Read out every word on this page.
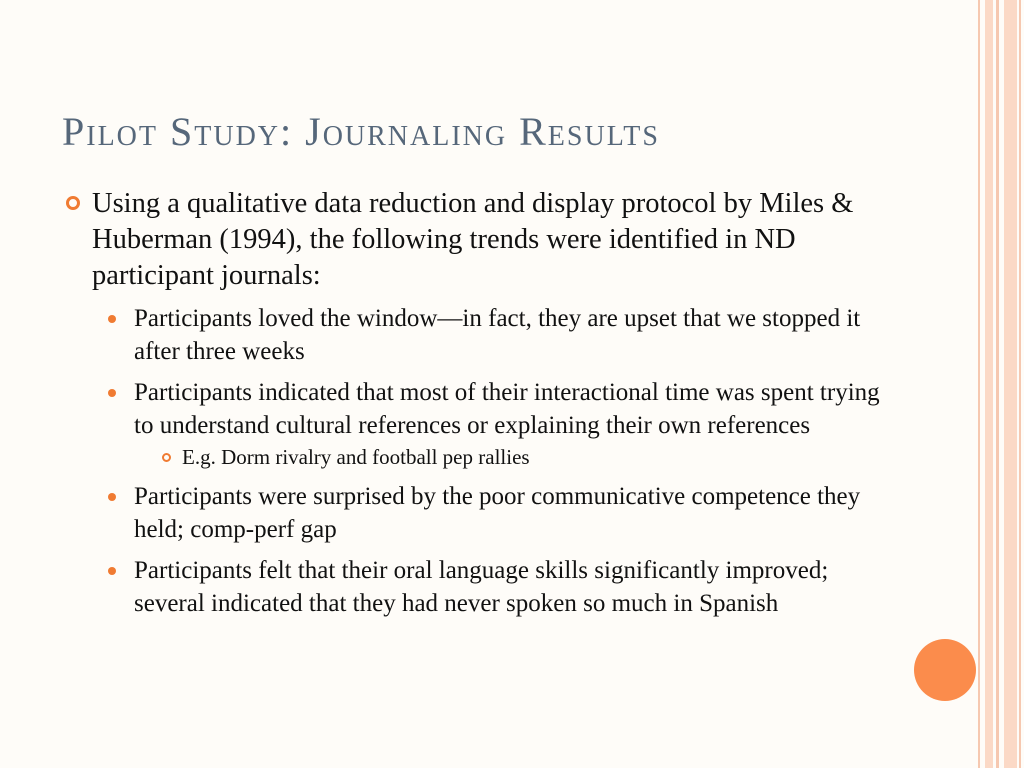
Pilot Study: Journaling Results
Using a qualitative data reduction and display protocol by Miles & Huberman (1994), the following trends were identified in ND participant journals:
Participants loved the window—in fact, they are upset that we stopped it after three weeks
Participants indicated that most of their interactional time was spent trying to understand cultural references or explaining their own references
E.g. Dorm rivalry and football pep rallies
Participants were surprised by the poor communicative competence they held; comp-perf gap
Participants felt that their oral language skills significantly improved; several indicated that they had never spoken so much in Spanish
